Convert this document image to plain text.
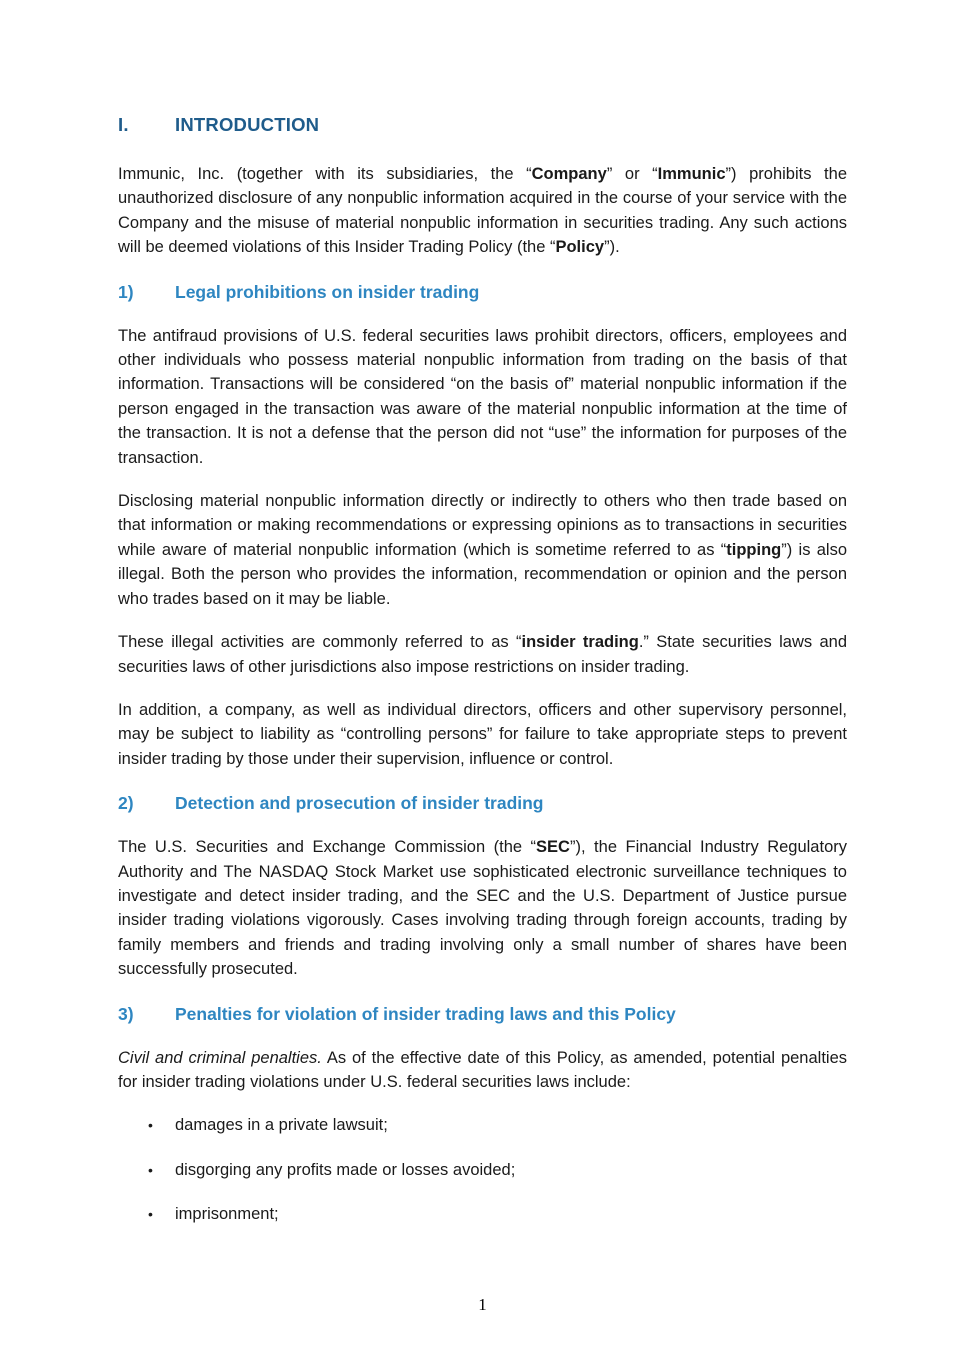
I.	INTRODUCTION

Immunic, Inc. (together with its subsidiaries, the “Company” or “Immunic”) prohibits the unauthorized disclosure of any nonpublic information acquired in the course of your service with the Company and the misuse of material nonpublic information in securities trading. Any such actions will be deemed violations of this Insider Trading Policy (the “Policy”).

1)	Legal prohibitions on insider trading

The antifraud provisions of U.S. federal securities laws prohibit directors, officers, employees and other individuals who possess material nonpublic information from trading on the basis of that information. Transactions will be considered “on the basis of” material nonpublic information if the person engaged in the transaction was aware of the material nonpublic information at the time of the transaction. It is not a defense that the person did not “use” the information for purposes of the transaction.

Disclosing material nonpublic information directly or indirectly to others who then trade based on that information or making recommendations or expressing opinions as to transactions in securities while aware of material nonpublic information (which is sometime referred to as “tipping”) is also illegal. Both the person who provides the information, recommendation or opinion and the person who trades based on it may be liable.

These illegal activities are commonly referred to as “insider trading.” State securities laws and securities laws of other jurisdictions also impose restrictions on insider trading.

In addition, a company, as well as individual directors, officers and other supervisory personnel, may be subject to liability as “controlling persons” for failure to take appropriate steps to prevent insider trading by those under their supervision, influence or control.

2)	Detection and prosecution of insider trading

The U.S. Securities and Exchange Commission (the “SEC”), the Financial Industry Regulatory Authority and The NASDAQ Stock Market use sophisticated electronic surveillance techniques to investigate and detect insider trading, and the SEC and the U.S. Department of Justice pursue insider trading violations vigorously. Cases involving trading through foreign accounts, trading by family members and friends and trading involving only a small number of shares have been successfully prosecuted.

3)	Penalties for violation of insider trading laws and this Policy

Civil and criminal penalties. As of the effective date of this Policy, as amended, potential penalties for insider trading violations under U.S. federal securities laws include:

•	damages in a private lawsuit;
•	disgorging any profits made or losses avoided;
•	imprisonment;
1
